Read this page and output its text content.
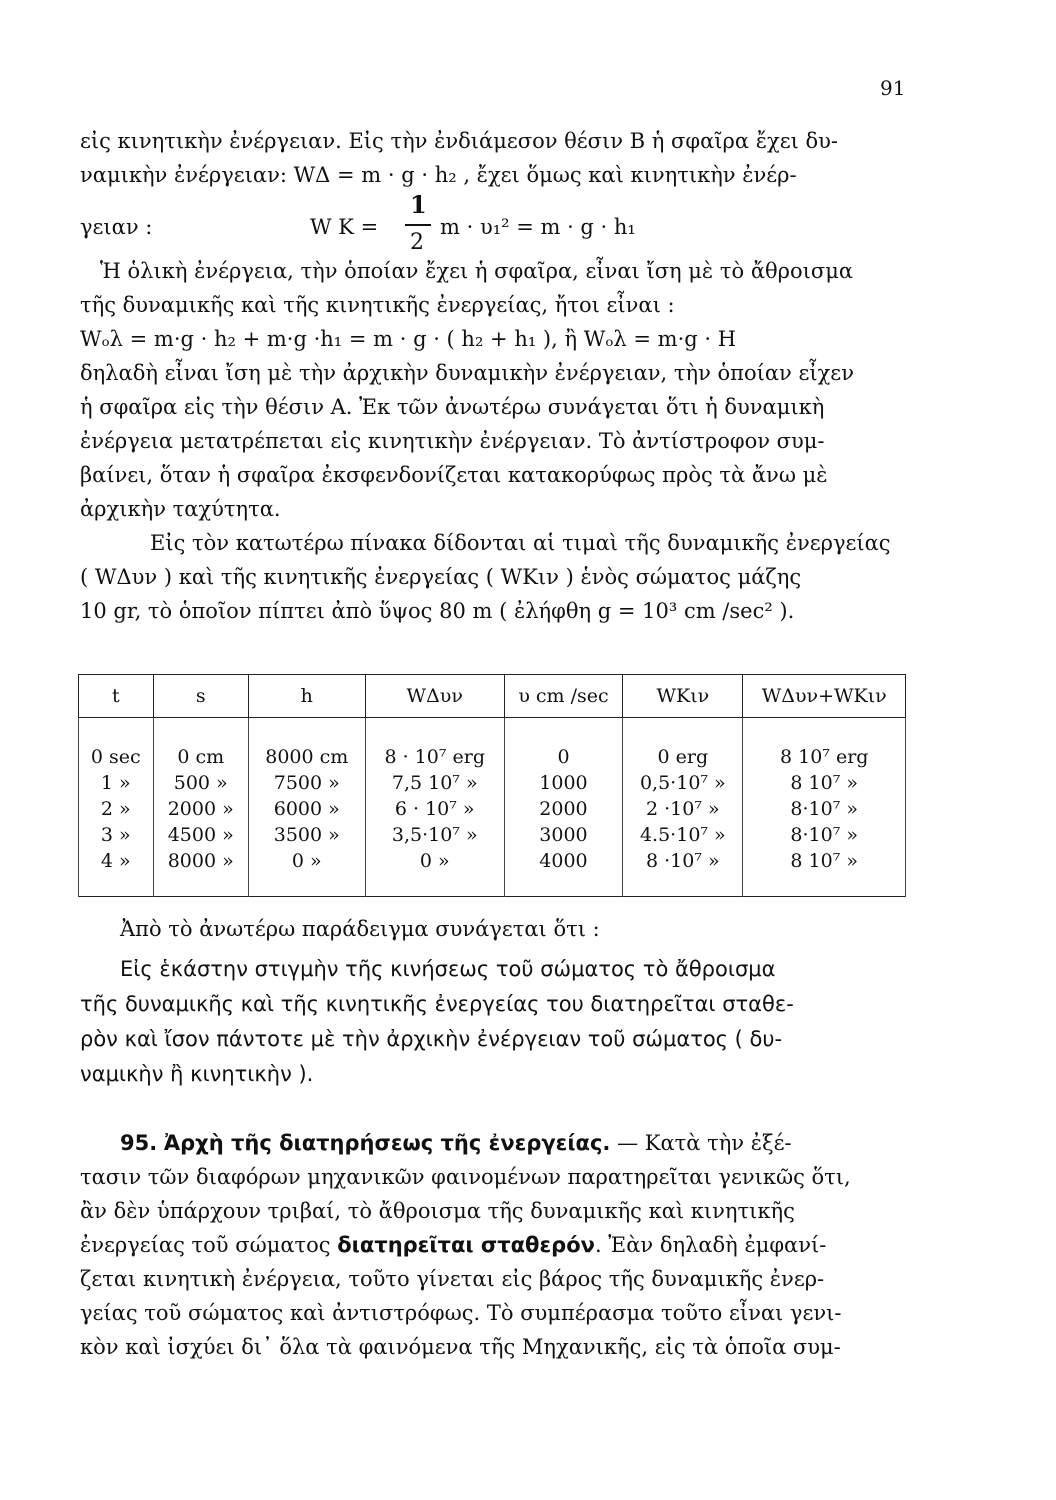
91

εἰς κινητικὴν ἐνέργειαν. Εἰς τὴν ἐνδιάμεσον θέσιν Β ἡ σφαῖρα ἔχει δυ-

ναμικὴν ἐνέργειαν: WΔ = m · g · h₂ , ἔχει ὅμως καὶ κινητικὴν ἐνέρ-

γειαν :	W K =
1
2
m · υ₁² = m · g · h₁

Ἡ ὁλικὴ ἐνέργεια, τὴν ὁποίαν ἔχει ἡ σφαῖρα, εἶναι ἴση μὲ τὸ ἄθροισμα

τῆς δυναμικῆς καὶ τῆς κινητικῆς ἐνεργείας, ἤτοι εἶναι :

Wₒλ = m·g · h₂ + m·g ·h₁ = m · g · ( h₂ + h₁ ), ἢ Wₒλ = m·g · H

δηλαδὴ εἶναι ἴση μὲ τὴν ἀρχικὴν δυναμικὴν ἐνέργειαν, τὴν ὁποίαν εἶχεν

ἡ σφαῖρα εἰς τὴν θέσιν Α. Ἐκ τῶν ἀνωτέρω συνάγεται ὅτι ἡ δυναμικὴ

ἐνέργεια μετατρέπεται εἰς κινητικὴν ἐνέργειαν. Τὸ ἀντίστροφον συμ-

βαίνει, ὅταν ἡ σφαῖρα ἐκσφενδονίζεται κατακορύφως πρὸς τὰ ἄνω μὲ

ἀρχικὴν ταχύτητα.

Εἰς τὸν κατωτέρω πίνακα δίδονται αἱ τιμαὶ τῆς δυναμικῆς ἐνεργείας

( WΔυν ) καὶ τῆς κινητικῆς ἐνεργείας ( WKιν ) ἑνὸς σώματος μάζης

10 gr, τὸ ὁποῖον πίπτει ἀπὸ ὕψος 80 m ( ἐλήφθη g = 10³ cm /sec² ).

t	s	h	WΔυν	υ cm /sec	WKιν	WΔυν+WKιν

0 sec	0 cm	8000 cm	8 · 10⁷ erg	0	0 erg	8 10⁷ erg
1 »	500 »	7500 »	7,5 10⁷ »	1000	0,5·10⁷ »	8 10⁷ »
2 »	2000 »	6000 »	6 · 10⁷ »	2000	2 ·10⁷ »	8·10⁷ »
3 »	4500 »	3500 »	3,5·10⁷ »	3000	4.5·10⁷ »	8·10⁷ »
4 »	8000 »	0 »	0 »	4000	8 ·10⁷ »	8 10⁷ »

Ἀπὸ τὸ ἀνωτέρω παράδειγμα συνάγεται ὅτι :

Εἰς ἑκάστην στιγμὴν τῆς κινήσεως τοῦ σώματος τὸ ἄθροισμα
τῆς δυναμικῆς καὶ τῆς κινητικῆς ἐνεργείας του διατηρεῖται σταθε-
ρὸν καὶ ἴσον πάντοτε μὲ τὴν ἀρχικὴν ἐνέργειαν τοῦ σώματος ( δυ-
ναμικὴν ἢ κινητικὴν ).

95. Ἀρχὴ τῆς διατηρήσεως τῆς ἐνεργείας. — Κατὰ τὴν ἐξέ-

τασιν τῶν διαφόρων μηχανικῶν φαινομένων παρατηρεῖται γενικῶς ὅτι,

ἂν δὲν ὑπάρχουν τριβαί, τὸ ἄθροισμα τῆς δυναμικῆς καὶ κινητικῆς

ἐνεργείας τοῦ σώματος διατηρεῖται σταθερόν. Ἐὰν δηλαδὴ ἐμφανί-

ζεται κινητικὴ ἐνέργεια, τοῦτο γίνεται εἰς βάρος τῆς δυναμικῆς ἐνερ-

γείας τοῦ σώματος καὶ ἀντιστρόφως. Τὸ συμπέρασμα τοῦτο εἶναι γενι-

κὸν καὶ ἰσχύει δι᾽ ὅλα τὰ φαινόμενα τῆς Μηχανικῆς, εἰς τὰ ὁποῖα συμ-
